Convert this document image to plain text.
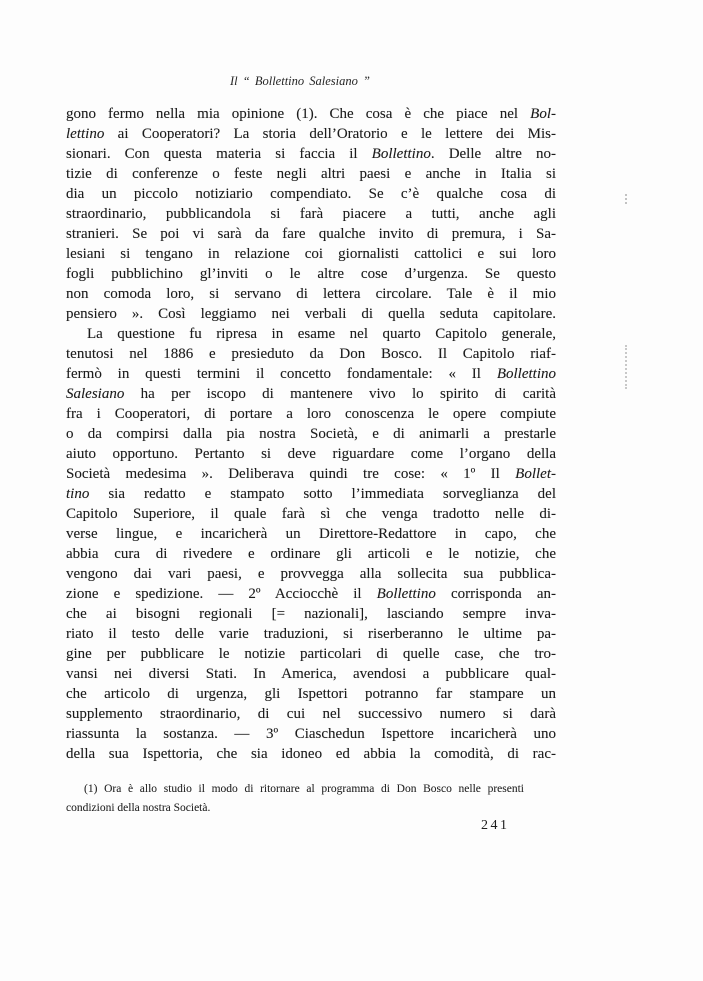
Il “ Bollettino Salesiano ”
gono fermo nella mia opinione (1). Che cosa è che piace nel Bol-
lettino ai Cooperatori? La storia dell’Oratorio e le lettere dei Mis-
sionari. Con questa materia si faccia il Bollettino. Delle altre no-
tizie di conferenze o feste negli altri paesi e anche in Italia si
dia un piccolo notiziario compendiato. Se c’è qualche cosa di
straordinario, pubblicandola si farà piacere a tutti, anche agli
stranieri. Se poi vi sarà da fare qualche invito di premura, i Sa-
lesiani si tengano in relazione coi giornalisti cattolici e sui loro
fogli pubblichino gl’inviti o le altre cose d’urgenza. Se questo
non comoda loro, si servano di lettera circolare. Tale è il mio
pensiero ». Così leggiamo nei verbali di quella seduta capitolare.
La questione fu ripresa in esame nel quarto Capitolo generale,
tenutosi nel 1886 e presieduto da Don Bosco. Il Capitolo riaf-
fermò in questi termini il concetto fondamentale: « Il Bollettino
Salesiano ha per iscopo di mantenere vivo lo spirito di carità
fra i Cooperatori, di portare a loro conoscenza le opere compiute
o da compirsi dalla pia nostra Società, e di animarli a prestarle
aiuto opportuno. Pertanto si deve riguardare come l’organo della
Società medesima ». Deliberava quindi tre cose: « 1º Il Bollet-
tino sia redatto e stampato sotto l’immediata sorveglianza del
Capitolo Superiore, il quale farà sì che venga tradotto nelle di-
verse lingue, e incaricherà un Direttore-Redattore in capo, che
abbia cura di rivedere e ordinare gli articoli e le notizie, che
vengono dai vari paesi, e provvegga alla sollecita sua pubblica-
zione e spedizione. — 2º Acciocchè il Bollettino corrisponda an-
che ai bisogni regionali [= nazionali], lasciando sempre inva-
riato il testo delle varie traduzioni, si riserberanno le ultime pa-
gine per pubblicare le notizie particolari di quelle case, che tro-
vansi nei diversi Stati. In America, avendosi a pubblicare qual-
che articolo di urgenza, gli Ispettori potranno far stampare un
supplemento straordinario, di cui nel successivo numero si darà
riassunta la sostanza. — 3º Ciaschedun Ispettore incaricherà uno
della sua Ispettoria, che sia idoneo ed abbia la comodità, di rac-
(1) Ora è allo studio il modo di ritornare al programma di Don Bosco nelle presenti
condizioni della nostra Società.
241
